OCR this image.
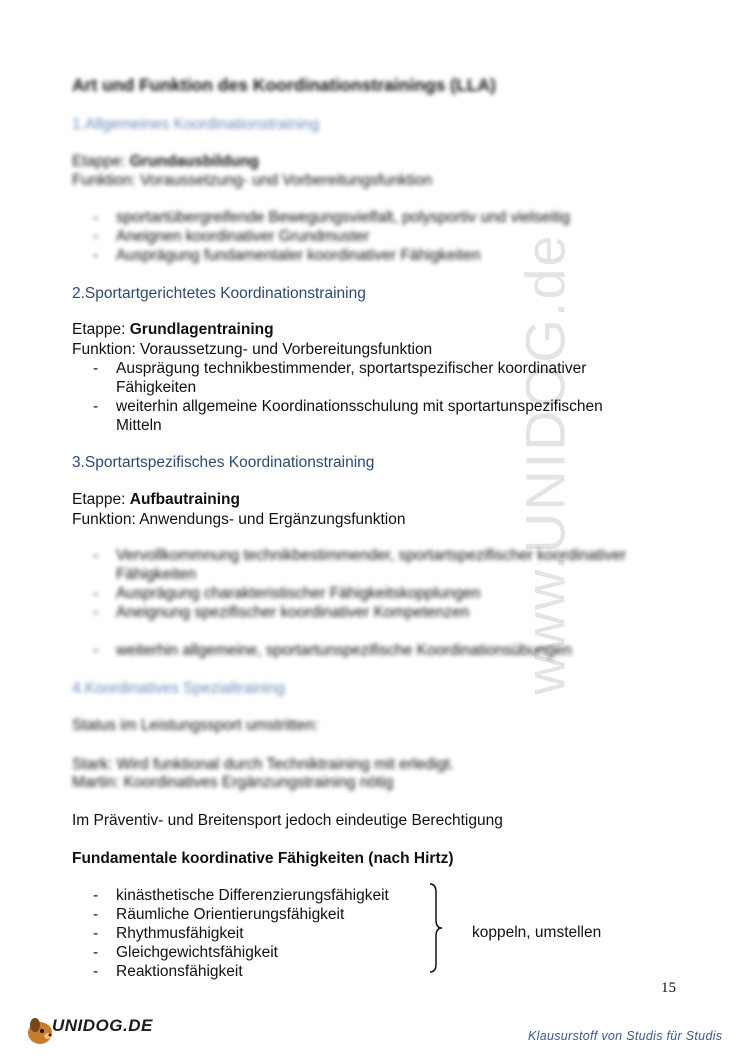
www.UNIDOG.de
Art und Funktion des Koordinationstrainings (LLA)
1.Allgemeines Koordinationstraining
Etappe: Grundausbildung
Funktion: Voraussetzung- und Vorbereitungsfunktion
- sportartübergreifende Bewegungsvielfalt, polysportiv und vielseitig
- Aneignen koordinativer Grundmuster
- Ausprägung fundamentaler koordinativer Fähigkeiten
2.Sportartgerichtetes Koordinationstraining
Etappe: Grundlagentraining
Funktion: Voraussetzung- und Vorbereitungsfunktion
- Ausprägung technikbestimmender, sportartspezifischer koordinativer
Fähigkeiten
- weiterhin allgemeine Koordinationsschulung mit sportartunspezifischen
Mitteln
3.Sportartspezifisches Koordinationstraining
Etappe: Aufbautraining
Funktion: Anwendungs- und Ergänzungsfunktion
- Vervollkommnung technikbestimmender, sportartspezifischer koordinativer
Fähigkeiten
- Ausprägung charakteristischer Fähigkeitskopplungen
- Aneignung spezifischer koordinativer Kompetenzen
- weiterhin allgemeine, sportartunspezifische Koordinationsübungen
4.Koordinatives Spezialtraining
Status im Leistungssport umstritten:
Stark: Wird funktional durch Techniktraining mit erledigt.
Martin: Koordinatives Ergänzungstraining nötig
Im Präventiv- und Breitensport jedoch eindeutige Berechtigung
Fundamentale koordinative Fähigkeiten (nach Hirtz)
- kinästhetische Differenzierungsfähigkeit
- Räumliche Orientierungsfähigkeit
- Rhythmusfähigkeit
- Gleichgewichtsfähigkeit
- Reaktionsfähigkeit
koppeln, umstellen
15
UNIDOG.DE
Klausurstoff von Studis für Studis
